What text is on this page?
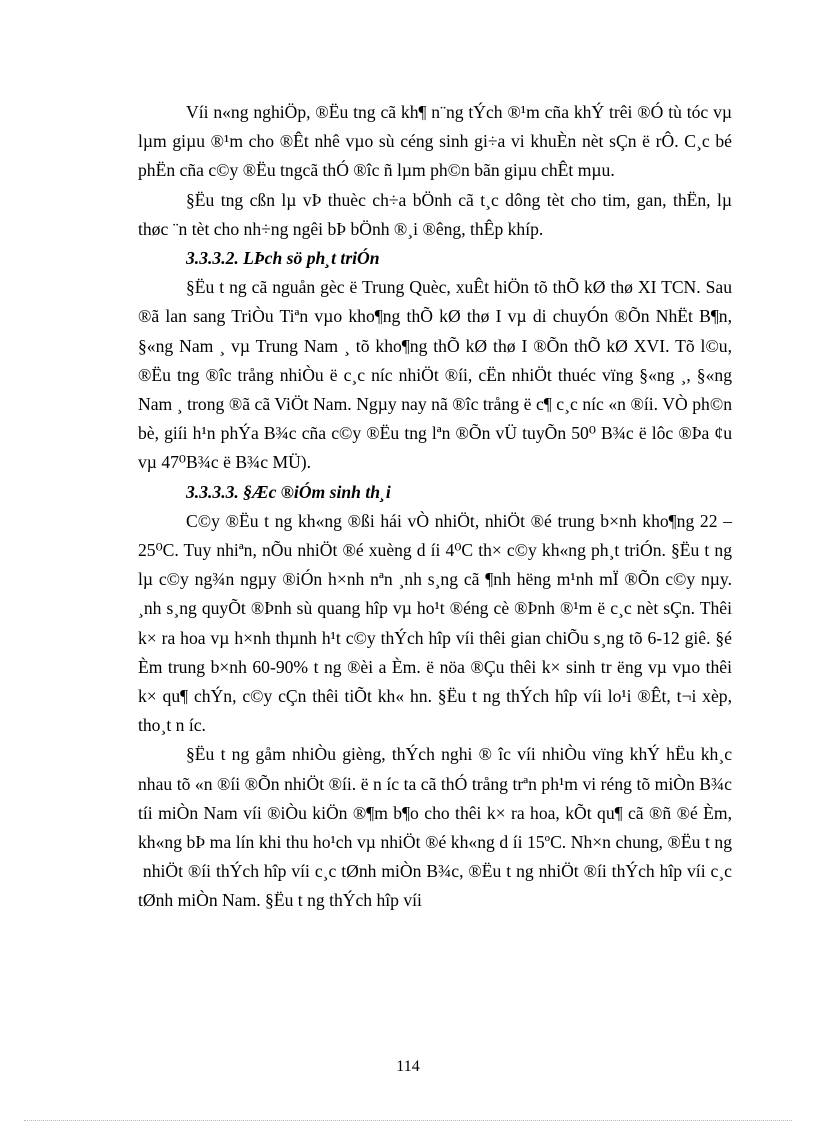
Víi n«ng nghiÖp, ®Ëu tng cã kh¶ n¨ng tÝch ®¹m cña khÝ trêi ®Ó tù tóc vµ lµm giµu ®¹m cho ®Êt nhê vµo sù céng sinh gi÷a vi khuÈn nèt sÇn ë rÔ. C¸c bé phËn cña c©y ®Ëu tngcã thÓ ®îc ñ lµm ph©n bãn giµu chÊt mµu.

§Ëu tng cßn lµ vÞ thuèc ch÷a bÖnh cã t¸c dông tèt cho tim, gan, thËn, lµ thøc ¨n tèt cho nh÷ng ngêi bÞ bÖnh ®¸i ®êng, thÊp khíp.

3.3.3.2. LÞch sö ph¸t triÓn

§Ëu t ng cã nguån gèc ë Trung Quèc, xuÊt hiÖn tõ thÕ kØ thø XI TCN. Sau ®ã lan sang TriÒu Tiªn vµo kho¶ng thÕ kØ thø I vµ di chuyÓn ®Õn NhËt B¶n, §«ng Nam ¸ vµ Trung Nam ¸ tõ kho¶ng thÕ kØ thø I ®Õn thÕ kØ XVI. Tõ l©u, ®Ëu tng ®îc trång nhiÒu ë c¸c níc nhiÖt ®íi, cËn nhiÖt thuéc vïng §«ng ¸, §«ng Nam ¸ trong ®ã cã ViÖt Nam. Ngµy nay nã ®îc trång ë c¶ c¸c níc «n ®íi. VÒ ph©n bè, giíi h¹n phÝa B¾c cña c©y ®Ëu tng lªn ®Õn vÜ tuyÕn 50⁰ B¾c ë lôc ®Þa ¢u vµ 47⁰B¾c ë B¾c MÜ).

3.3.3.3. §Æc ®iÓm sinh th¸i

C©y ®Ëu t ng kh«ng ®ßi hái vÒ nhiÖt, nhiÖt ®é trung b×nh kho¶ng 22 – 25⁰C. Tuy nhiªn, nÕu nhiÖt ®é xuèng d íi 4⁰C th× c©y kh«ng ph¸t triÓn. §Ëu t ng lµ c©y ng¾n ngµy ®iÓn h×nh nªn ¸nh s¸ng cã ¶nh hëng m¹nh mÏ ®Õn c©y nµy. ¸nh s¸ng quyÕt ®Þnh sù quang hîp vµ ho¹t ®éng cè ®Þnh ®¹m ë c¸c nèt sÇn. Thêi k× ra hoa vµ h×nh thµnh h¹t c©y thÝch hîp víi thêi gian chiÕu s¸ng tõ 6-12 giê. §é Èm trung b×nh 60-90% t ng ®èi a Èm. ë nöa ®Çu thêi k× sinh tr ëng vµ vµo thêi k× qu¶ chÝn, c©y cÇn thêi tiÕt kh« hn. §Ëu t ng thÝch hîp víi lo¹i ®Êt, t¬i xèp, tho¸t n íc.

§Ëu t ng gåm nhiÒu gièng, thÝch nghi ® îc víi nhiÒu vïng khÝ hËu kh¸c nhau tõ «n ®íi ®Õn nhiÖt ®íi. ë n íc ta cã thÓ trång trªn ph¹m vi réng tõ miÒn B¾c tíi miÒn Nam víi ®iÒu kiÖn ®¶m b¶o cho thêi k× ra hoa, kÕt qu¶ cã ®ñ ®é Èm, kh«ng bÞ ma lín khi thu ho¹ch vµ nhiÖt ®é kh«ng d íi 15ºC. Nh×n chung, ®Ëu t ng nhiÖt ®íi thÝch hîp víi c¸c tØnh miÒn B¾c, ®Ëu t ng nhiÖt ®íi thÝch hîp víi c¸c tØnh miÒn Nam. §Ëu t ng thÝch hîp víi

114
